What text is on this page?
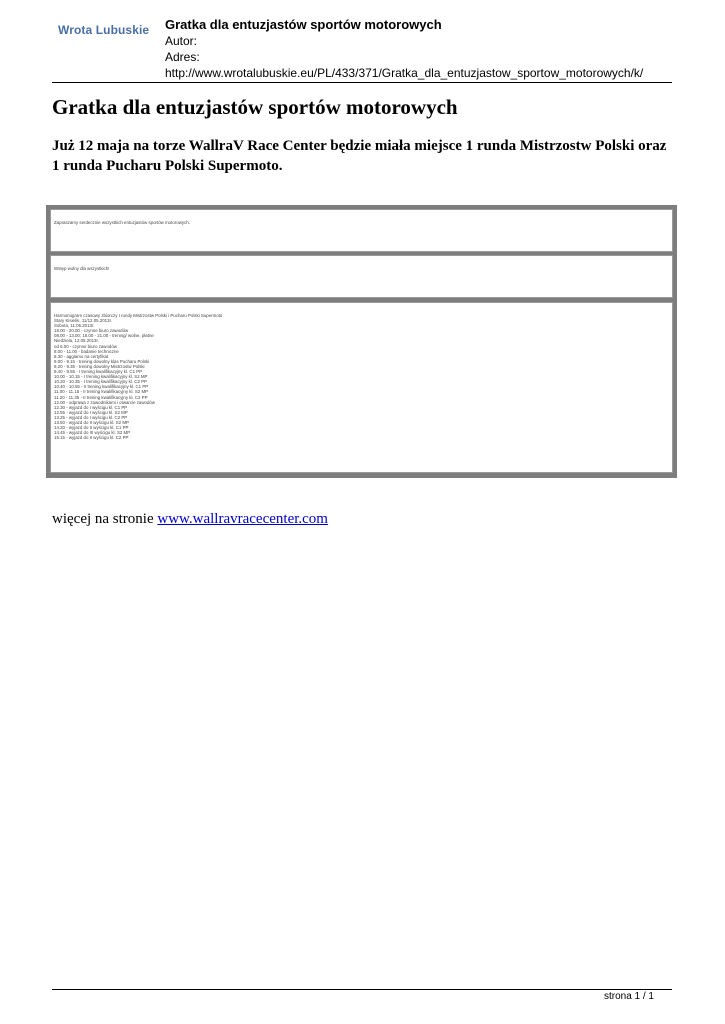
Wrota Lubuskie Gratka dla entuzjastów sportów motorowych
Autor:
Adres:
http://www.wrotalubuskie.eu/PL/433/371/Gratka_dla_entuzjastow_sportow_motorowych/k/
Gratka dla entuzjastów sportów motorowych
Już 12 maja na torze WallraV Race Center będzie miała miejsce 1 runda Mistrzostw Polski oraz 1 runda Pucharu Polski Supermoto.
Zapraszamy serdecznie wszystkich entuzjastów sportów motorowych.
Wstęp wolny dla wszystkich!
Harmonogram czasowy zbiorczy I rundy Mistrzostw Polski i Pucharu Polski Supermoto
Stary Kisielin, 11/12.05.2013r.
Sobota, 11.05.2013r.
18.00 - 20.00 - czynne biuro zawodów
08.00 - 13.00; 16.00 - 21.00 - trening/ wolne, płatne
Niedziela, 12.05.2013r.
od 6.00 - czynne biuro zawodów
8.00 - 11.00 - badanie techniczne
8.30 - aggiamo na certyfikat
9.00 - 9.15 - trening dowolny klas Pucharu Polski
9.20 - 9.35 - trening dowolny Mistrzostw Polski
9.40 - 9.55 - I trening kwalifikacyjny kl. C1 PP
10.00 - 10.15 - I trening kwalifikacyjny kl. S2 MP
10.20 - 10.35 - I trening kwalifikacyjny kl. C2 PP
10.40 - 10.55 - II trening kwalifikacyjny kl. C1 PP
11.00 - 11.15 - II trening kwalifikacyjny kl. S2 MP
11.20 - 11.35 - II trening kwalifikacyjny kl. C2 PP
12.00 - odprawa z zawodnikami i otwarcie zawodów
12.30 - wyjazd do I wyścigu kl. C1 PP
12.55 - wyjazd do I wyścigu kl. S2 MP
13.25 - wyjazd do I wyścigu kl. C2 PP
13.50 - wyjazd do II wyścigu kl. S2 MP
14.20 - wyjazd do II wyścigu kl. C1 PP
14.45 - wyjazd do III wyścigu kl. S2 MP
15.15 - wyjazd do II wyścigu kl. C2 PP
więcej na stronie www.wallravracecenter.com
strona 1 / 1
